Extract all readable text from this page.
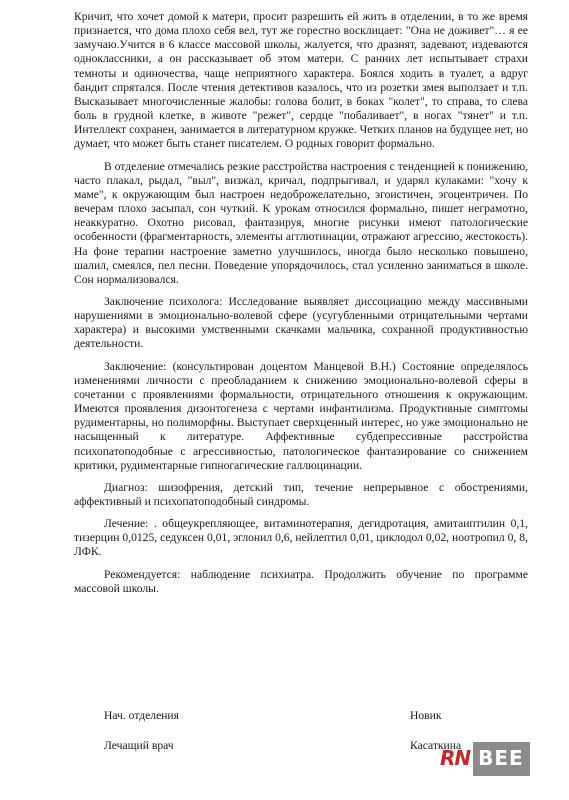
Кричит, что хочет домой к матери, просит разрешить ей жить в отделении, в то же время признается, что дома плохо себя вел, тут же горестно восклицает: "Она не доживет"… я ее замучаю.Учится в 6 классе массовой школы, жалуется, что дразнят, задевают, издеваются одноклассники, а он рассказывает об этом матери. С ранних лет испытывает страхи темноты и одиночества, чаще неприятного характера. Боялся ходить в туалет, а вдруг бандит спрятался. После чтения детективов казалось, что из розетки змея выползает и т.п. Высказывает многочисленные жалобы: голова болит, в боках "колет", то справа, то слева боль в грудной клетке, в животе "режет", сердце "побаливает", в ногах "тянет" и т.п. Интеллект сохранен, занимается в литературном кружке. Четких планов на будущее нет, но думает, что может быть станет писателем. О родных говорит формально.

В отделение отмечались резкие расстройства настроения с тенденцией к понижению, часто плакал, рыдал, "выл", визжал, кричал, подпрыгивал, и ударял кулаками: "хочу к маме", к окружающим был настроен недоброжелательно, эгоистичен, эгоцентричен. По вечерам плохо засыпал, сон чуткий. К урокам относился формально, пишет неграмотно, неаккуратно. Охотно рисовал, фантазируя, многие рисунки имеют патологические особенности (фрагментарность, элементы агглютинации, отражают агрессию, жестокость). На фоне терапии настроение заметно улучшилось, иногда было несколько повышено, шалил, смеялся, пел песни. Поведение упорядочилось, стал усиленно заниматься в школе. Сон нормализовался.

Заключение психолога: Исследование выявляет диссоциацию между массивными нарушениями в эмоционально-волевой сфере (усугубленными отрицательными чертами характера) и высокими умственными скачками мальчика, сохранной продуктивностью деятельности.

Заключение: (консультирован доцентом Манцевой В.Н.) Состояние определялось изменениями личности с преобладанием к снижению эмоционально-волевой сферы в сочетании с проявлениями формальности, отрицательного отношения к окружающим. Имеются проявления дизонтогенеза с чертами инфантилизма. Продуктивные симптомы рудиментарны, но полиморфны. Выступает сверхценный интерес, но уже эмоционально не насыщенный к литературе. Аффективные субдепрессивные расстройства психопатоподобные с агрессивностью, патологическое фантазирование со снижением критики, рудиментарные гипногагические галлюцинации.

Диагноз: шизофрения, детский тип, течение непрерывное с обострениями, аффективный и психопатоподобный синдромы.

Лечение: . общеукрепляющее, витаминотерапия, дегидротация, амитаиптилин 0,1, тизерцин 0,0125, седуксен 0,01, эглонил 0,6, нейлептил 0,01, циклодол 0,02, ноотропил 0, 8, ЛФК.

Рекомендуется: наблюдение психиатра. Продолжить обучение по программе массовой школы.

Нач. отделения	Новик
Лечащий врач	Касаткина
RN BEE
